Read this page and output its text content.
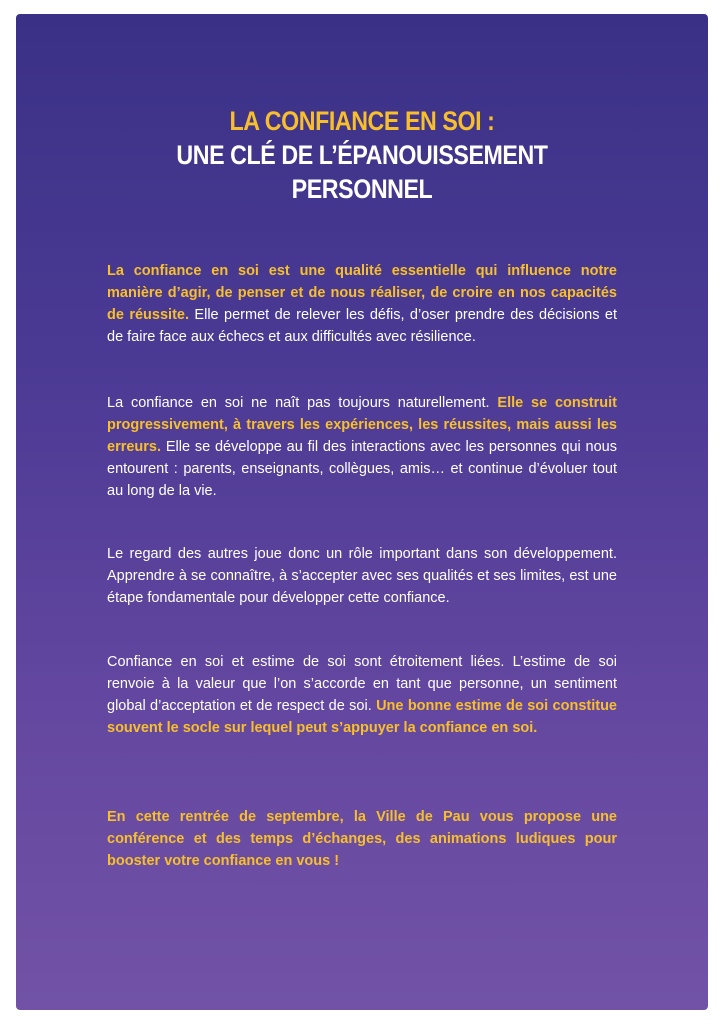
LA CONFIANCE EN SOI :
UNE CLÉ DE L’ÉPANOUISSEMENT
PERSONNEL

La confiance en soi est une qualité essentielle qui influence notre manière d’agir, de penser et de nous réaliser, de croire en nos capacités de réussite. Elle permet de relever les défis, d’oser prendre des décisions et de faire face aux échecs et aux difficultés avec résilience.

La confiance en soi ne naît pas toujours naturellement. Elle se construit progressivement, à travers les expériences, les réussites, mais aussi les erreurs. Elle se développe au fil des interactions avec les personnes qui nous entourent : parents, enseignants, collègues, amis… et continue d’évoluer tout au long de la vie.

Le regard des autres joue donc un rôle important dans son développement. Apprendre à se connaître, à s’accepter avec ses qualités et ses limites, est une étape fondamentale pour développer cette confiance.

Confiance en soi et estime de soi sont étroitement liées. L’estime de soi renvoie à la valeur que l’on s’accorde en tant que personne, un sentiment global d’acceptation et de respect de soi. Une bonne estime de soi constitue souvent le socle sur lequel peut s’appuyer la confiance en soi.

En cette rentrée de septembre, la Ville de Pau vous propose une conférence et des temps d’échanges, des animations ludiques pour booster votre confiance en vous !
